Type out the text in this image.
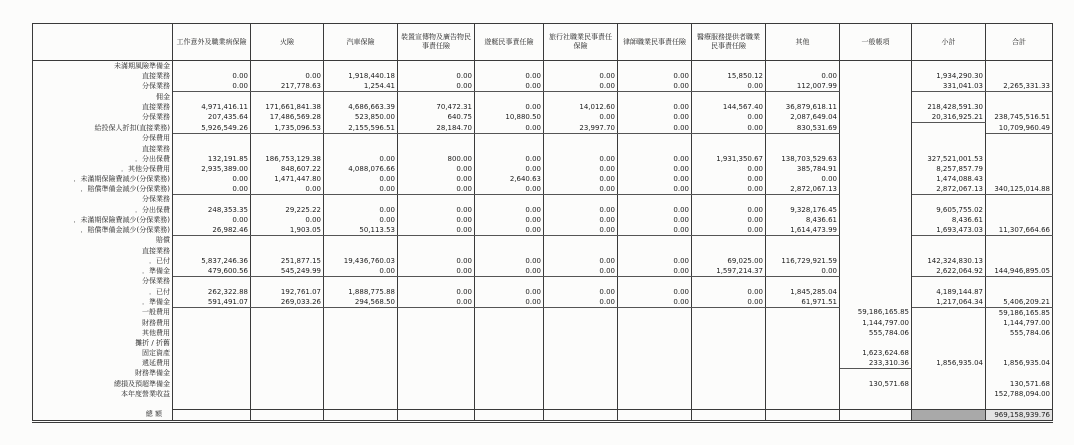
	工作意外及職業病保險	火險	汽車保險	裝置宣傳物及廣告物民事責任險	遊艇民事責任險	旅行社職業民事責任保險	律師職業民事責任險	醫療服務提供者職業民事責任險	其他	一般帳項	小計	合計
未滿期風險準備金												
直接業務	0.00	0.00	1,918,440.18	0.00	0.00	0.00	0.00	15,850.12	0.00		1,934,290.30	
分保業務	0.00	217,778.63	1,254.41	0.00	0.00	0.00	0.00	0.00	112,007.99		331,041.03	2,265,331.33
佣金												
直接業務	4,971,416.11	171,661,841.38	4,686,663.39	70,472.31	0.00	14,012.60	0.00	144,567.40	36,879,618.11		218,428,591.30	
分保業務	207,435.64	17,486,569.28	523,850.00	640.75	10,880.50	0.00	0.00	0.00	2,087,649.04		20,316,925.21	238,745,516.51
給投保人折扣(直接業務)	5,926,549.26	1,735,096.53	2,155,596.51	28,184.70	0.00	23,997.70	0.00	0.00	830,531.69			10,709,960.49
分保費用												
直接業務												
．分出保費	132,191.85	186,753,129.38	0.00	800.00	0.00	0.00	0.00	1,931,350.67	138,703,529.63		327,521,001.53	
．其他分保費用	2,935,389.00	848,607.22	4,088,076.66	0.00	0.00	0.00	0.00	0.00	385,784.91		8,257,857.79	
．未滿期保險費減少(分保業務)	0.00	1,471,447.80	0.00	0.00	2,640.63	0.00	0.00	0.00	0.00		1,474,088.43	
．賠償準備金減少(分保業務)	0.00	0.00	0.00	0.00	0.00	0.00	0.00	0.00	2,872,067.13		2,872,067.13	340,125,014.88
分保業務												
．分出保費	248,353.35	29,225.22	0.00	0.00	0.00	0.00	0.00	0.00	9,328,176.45		9,605,755.02	
．未滿期保險費減少(分保業務)	0.00	0.00	0.00	0.00	0.00	0.00	0.00	0.00	8,436.61		8,436.61	
．賠償準備金減少(分保業務)	26,982.46	1,903.05	50,113.53	0.00	0.00	0.00	0.00	0.00	1,614,473.99		1,693,473.03	11,307,664.66
賠償												
直接業務												
．已付	5,837,246.36	251,877.15	19,436,760.03	0.00	0.00	0.00	0.00	69,025.00	116,729,921.59		142,324,830.13	
．準備金	479,600.56	545,249.99	0.00	0.00	0.00	0.00	0.00	1,597,214.37	0.00		2,622,064.92	144,946,895.05
分保業務												
．已付	262,322.88	192,761.07	1,888,775.88	0.00	0.00	0.00	0.00	0.00	1,845,285.04		4,189,144.87	
．準備金	591,491.07	269,033.26	294,568.50	0.00	0.00	0.00	0.00	0.00	61,971.51		1,217,064.34	5,406,209.21
一般費用										59,186,165.85		59,186,165.85
財務費用										1,144,797.00		1,144,797.00
其他費用										555,784.06		555,784.06
攤折 / 折舊												
固定資產										1,623,624.68		
遞延費用										233,310.36	1,856,935.04	1,856,935.04
財務準備金												
總損及預超準備金										130,571.68		130,571.68
本年度營業收益												152,788,094.00

總 額												969,158,939.76
